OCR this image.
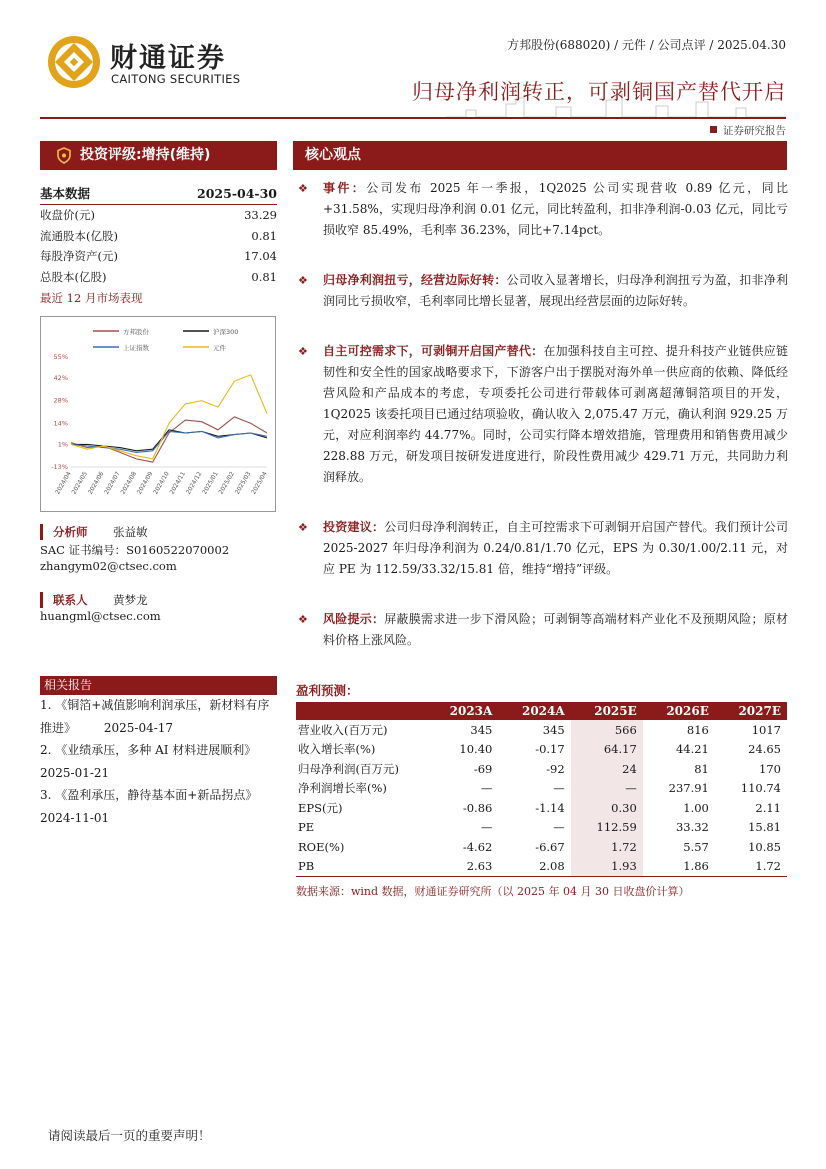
财通证券
CAITONG SECURITIES
方邦股份(688020) / 元件 / 公司点评 / 2025.04.30
归母净利润转正，可剥铜国产替代开启
证券研究报告
投资评级:增持(维持)	核心观点
基本数据	2025-04-30
收盘价(元)	33.29
流通股本(亿股)	0.81
每股净资产(元)	17.04
总股本(亿股)	0.81
最近 12 月市场表现
方邦股份	沪深300
上证指数	元件
55%
42%
28%
14%
1%
-13%
2024/04
2024/05
2024/06
2024/07
2024/08
2024/09
2024/10
2024/11
2024/12
2025/01
2025/02
2025/03
2025/04
分析师 张益敏
SAC 证书编号：S0160522070002
zhangym02@ctsec.com
联系人 黄梦龙
huangml@ctsec.com
相关报告
1. 《铜箔+减值影响利润承压，新材料有序推进》 2025-04-17
2. 《业绩承压，多种 AI 材料进展顺利》
2025-01-21
3. 《盈利承压，静待基本面+新品拐点》
2024-11-01
❖ 事件：公司发布 2025 年一季报，1Q2025 公司实现营收 0.89 亿元，同比+31.58%，实现归母净利润 0.01 亿元，同比转盈利，扣非净利润-0.03 亿元，同比亏损收窄 85.49%，毛利率 36.23%，同比+7.14pct。
❖ 归母净利润扭亏，经营边际好转：公司收入显著增长，归母净利润扭亏为盈，扣非净利润同比亏损收窄，毛利率同比增长显著，展现出经营层面的边际好转。
❖ 自主可控需求下，可剥铜开启国产替代：在加强科技自主可控、提升科技产业链供应链韧性和安全性的国家战略要求下，下游客户出于摆脱对海外单一供应商的依赖、降低经营风险和产品成本的考虑，专项委托公司进行带载体可剥离超薄铜箔项目的开发，1Q2025 该委托项目已通过结项验收，确认收入 2,075.47 万元，确认利润 929.25 万元，对应利润率约 44.77%。同时，公司实行降本增效措施，管理费用和销售费用减少 228.88 万元，研发项目按研发进度进行，阶段性费用减少 429.71 万元，共同助力利润释放。
❖ 投资建议：公司归母净利润转正，自主可控需求下可剥铜开启国产替代。我们预计公司 2025-2027 年归母净利润为 0.24/0.81/1.70 亿元，EPS 为 0.30/1.00/2.11 元，对应 PE 为 112.59/33.32/15.81 倍，维持“增持”评级。
❖ 风险提示：屏蔽膜需求进一步下滑风险；可剥铜等高端材料产业化不及预期风险；原材料价格上涨风险。
盈利预测：
	2023A	2024A	2025E	2026E	2027E
营业收入(百万元)	345	345	566	816	1017
收入增长率(%)	10.40	-0.17	64.17	44.21	24.65
归母净利润(百万元)	-69	-92	24	81	170
净利润增长率(%)	—	—	—	237.91	110.74
EPS(元)	-0.86	-1.14	0.30	1.00	2.11
PE	—	—	112.59	33.32	15.81
ROE(%)	-4.62	-6.67	1.72	5.57	10.85
PB	2.63	2.08	1.93	1.86	1.72
数据来源：wind 数据，财通证券研究所（以 2025 年 04 月 30 日收盘价计算）
请阅读最后一页的重要声明！
